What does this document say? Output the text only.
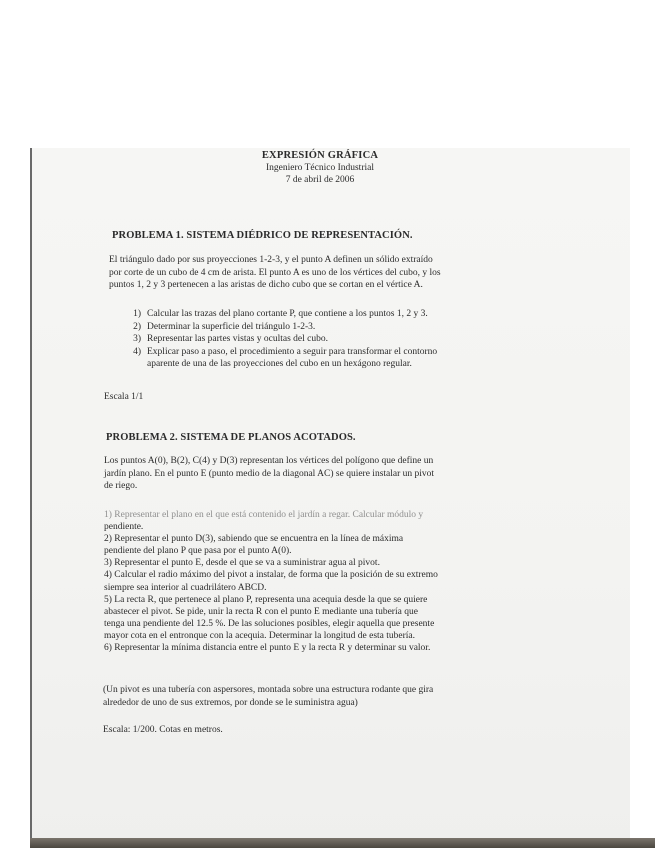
EXPRESIÓN GRÁFICA
Ingeniero Técnico Industrial
7 de abril de 2006
PROBLEMA 1. SISTEMA DIÉDRICO DE REPRESENTACIÓN.
El triángulo dado por sus proyecciones 1-2-3, y el punto A definen un sólido extraído
por corte de un cubo de 4 cm de arista. El punto A es uno de los vértices del cubo, y los
puntos 1, 2 y 3 pertenecen a las aristas de dicho cubo que se cortan en el vértice A.
1) Calcular las trazas del plano cortante P, que contiene a los puntos 1, 2 y 3.
2) Determinar la superficie del triángulo 1-2-3.
3) Representar las partes vistas y ocultas del cubo.
4) Explicar paso a paso, el procedimiento a seguir para transformar el contorno
aparente de una de las proyecciones del cubo en un hexágono regular.
Escala 1/1
PROBLEMA 2. SISTEMA DE PLANOS ACOTADOS.
Los puntos A(0), B(2), C(4) y D(3) representan los vértices del polígono que define un
jardín plano. En el punto E (punto medio de la diagonal AC) se quiere instalar un pivot
de riego.
1) Representar el plano en el que está contenido el jardín a regar. Calcular módulo y
pendiente.
2) Representar el punto D(3), sabiendo que se encuentra en la línea de máxima
pendiente del plano P que pasa por el punto A(0).
3) Representar el punto E, desde el que se va a suministrar agua al pivot.
4) Calcular el radio máximo del pivot a instalar, de forma que la posición de su extremo
siempre sea interior al cuadrilátero ABCD.
5) La recta R, que pertenece al plano P, representa una acequia desde la que se quiere
abastecer el pivot. Se pide, unir la recta R con el punto E mediante una tubería que
tenga una pendiente del 12.5 %. De las soluciones posibles, elegir aquella que presente
mayor cota en el entronque con la acequia. Determinar la longitud de esta tubería.
6) Representar la mínima distancia entre el punto E y la recta R y determinar su valor.
(Un pivot es una tubería con aspersores, montada sobre una estructura rodante que gira
alrededor de uno de sus extremos, por donde se le suministra agua)
Escala: 1/200. Cotas en metros.
